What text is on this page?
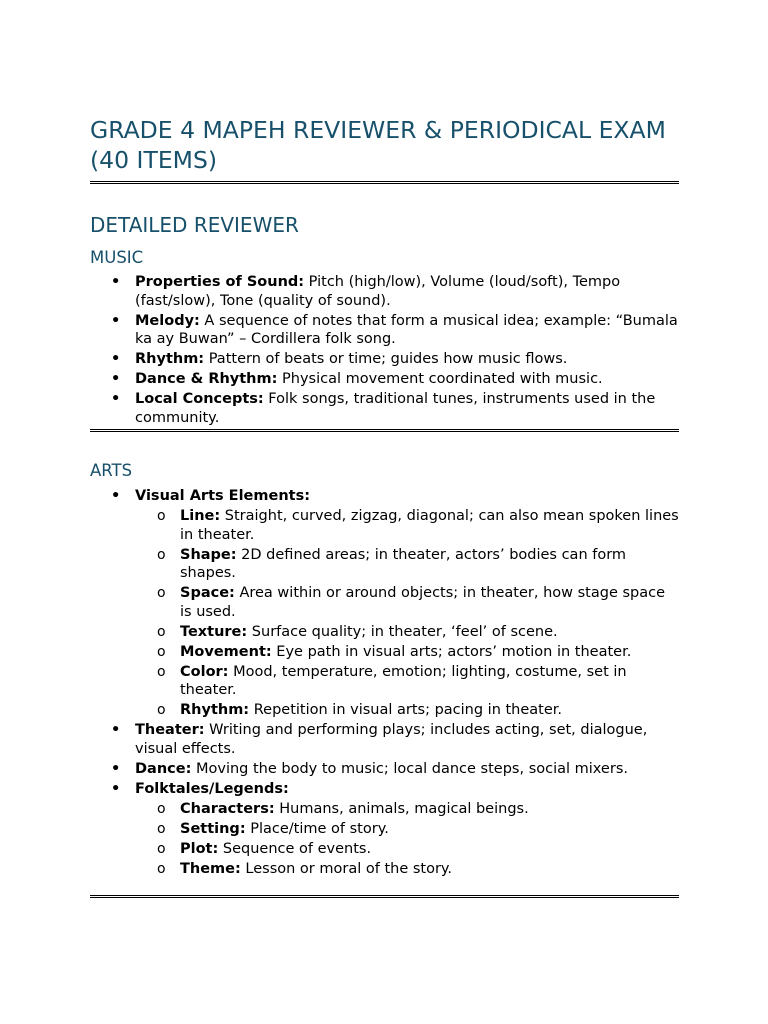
GRADE 4 MAPEH REVIEWER & PERIODICAL EXAM (40 ITEMS)
DETAILED REVIEWER
MUSIC
• Properties of Sound: Pitch (high/low), Volume (loud/soft), Tempo (fast/slow), Tone (quality of sound).
• Melody: A sequence of notes that form a musical idea; example: “Bumala ka ay Buwan” – Cordillera folk song.
• Rhythm: Pattern of beats or time; guides how music flows.
• Dance & Rhythm: Physical movement coordinated with music.
• Local Concepts: Folk songs, traditional tunes, instruments used in the community.
ARTS
• Visual Arts Elements:
o Line: Straight, curved, zigzag, diagonal; can also mean spoken lines in theater.
o Shape: 2D defined areas; in theater, actors’ bodies can form shapes.
o Space: Area within or around objects; in theater, how stage space is used.
o Texture: Surface quality; in theater, ‘feel’ of scene.
o Movement: Eye path in visual arts; actors’ motion in theater.
o Color: Mood, temperature, emotion; lighting, costume, set in theater.
o Rhythm: Repetition in visual arts; pacing in theater.
• Theater: Writing and performing plays; includes acting, set, dialogue, visual effects.
• Dance: Moving the body to music; local dance steps, social mixers.
• Folktales/Legends:
o Characters: Humans, animals, magical beings.
o Setting: Place/time of story.
o Plot: Sequence of events.
o Theme: Lesson or moral of the story.
